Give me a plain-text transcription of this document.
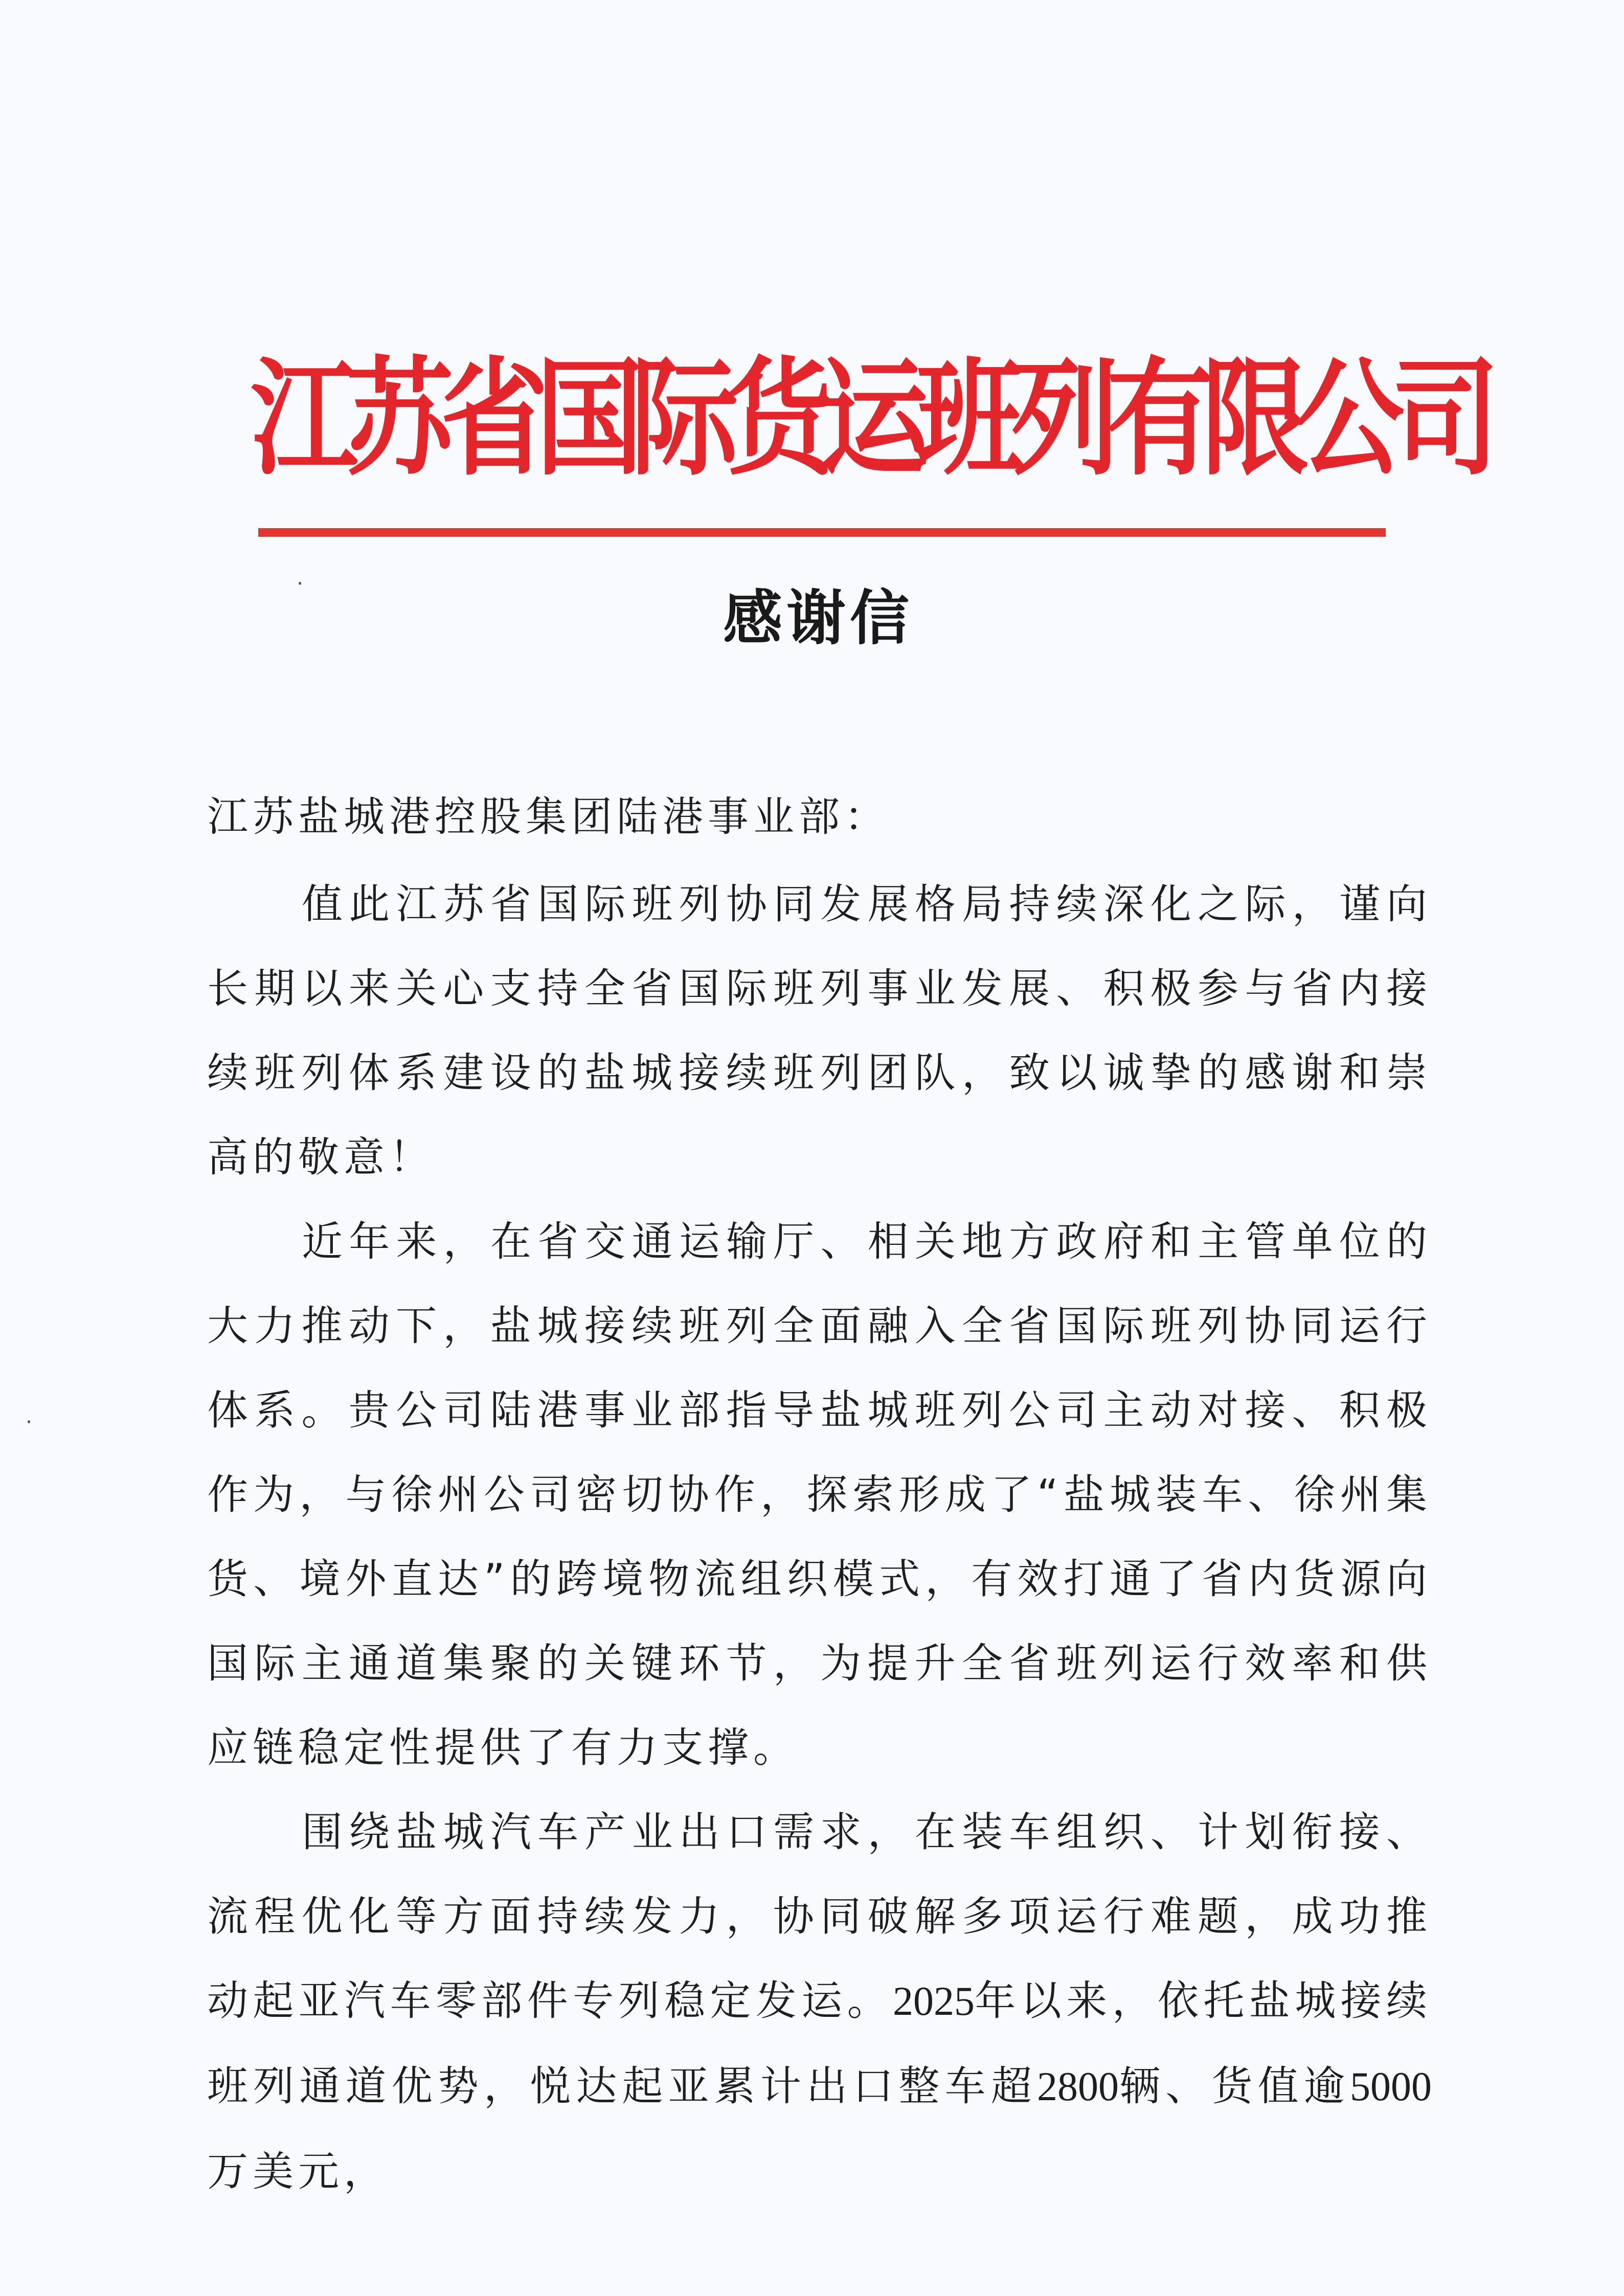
江
苏
省
国
际
货
运
班
列
有
限
公
司
感谢信

江苏盐城港控股集团陆港事业部：

值此江苏省国际班列协同发展格局持续深化之际，谨向长期以来关心支持全省国际班列事业发展、积极参与省内接续班列体系建设的盐城接续班列团队，致以诚挚的感谢和崇高的敬意！

近年来，在省交通运输厅、相关地方政府和主管单位的大力推动下，盐城接续班列全面融入全省国际班列协同运行体系。贵公司陆港事业部指导盐城班列公司主动对接、积极作为，与徐州公司密切协作，探索形成了“盐城装车、徐州集货、境外直达”的跨境物流组织模式，有效打通了省内货源向国际主通道集聚的关键环节，为提升全省班列运行效率和供应链稳定性提供了有力支撑。

围绕盐城汽车产业出口需求，在装车组织、计划衔接、流程优化等方面持续发力，协同破解多项运行难题，成功推动起亚汽车零部件专列稳定发运。2025年以来，依托盐城接续班列通道优势，悦达起亚累计出口整车超2800辆、货值逾5000万美元，
